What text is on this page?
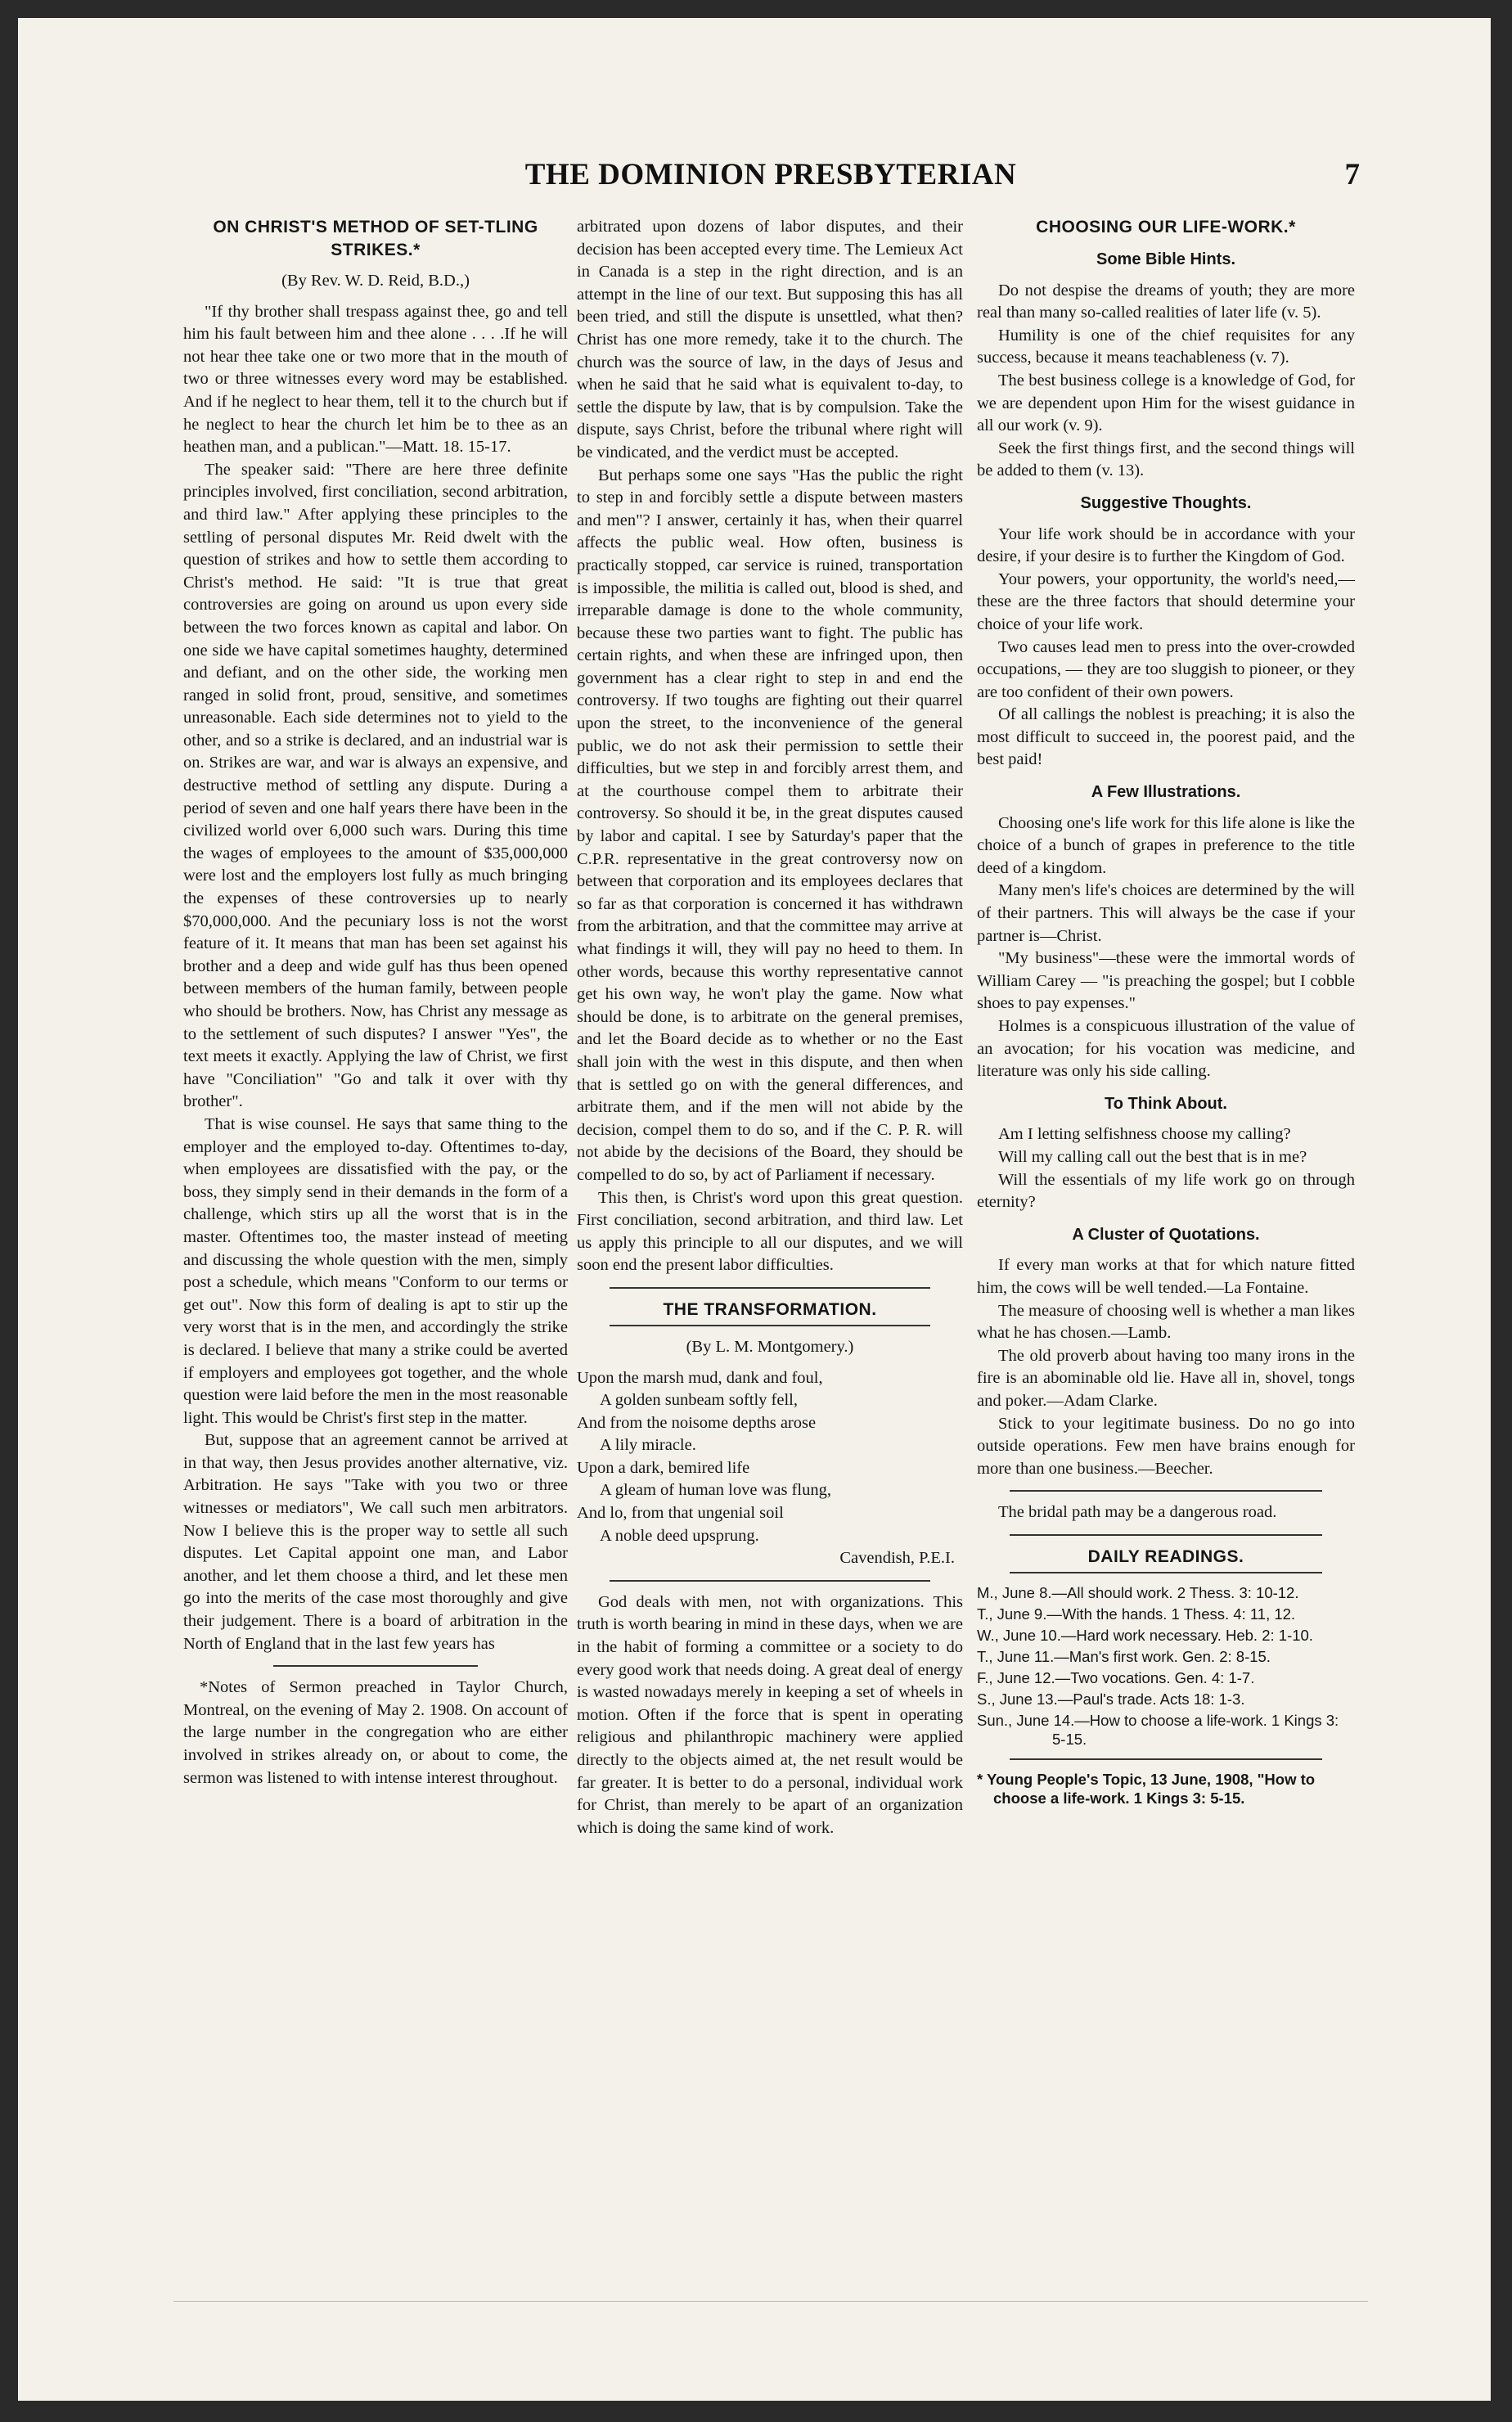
THE DOMINION PRESBYTERIAN	7

ON CHRIST'S METHOD OF SET-TLING STRIKES.*

(By Rev. W. D. Reid, B.D.,)

"If thy brother shall trespass against thee, go and tell him his fault between him and thee alone . . . .If he will not hear thee take one or two more that in the mouth of two or three witnesses every word may be established. And if he neglect to hear them, tell it to the church but if he neglect to hear the church let him be to thee as an heathen man, and a publican."—Matt. 18. 15-17.

The speaker said: "There are here three definite principles involved, first conciliation, second arbitration, and third law." After applying these principles to the settling of personal disputes Mr. Reid dwelt with the question of strikes and how to settle them according to Christ's method. He said: "It is true that great controversies are going on around us upon every side between the two forces known as capital and labor. On one side we have capital sometimes haughty, determined and defiant, and on the other side, the working men ranged in solid front, proud, sensitive, and sometimes unreasonable. Each side determines not to yield to the other, and so a strike is declared, and an industrial war is on. Strikes are war, and war is always an expensive, and destructive method of settling any dispute. During a period of seven and one half years there have been in the civilized world over 6,000 such wars. During this time the wages of employees to the amount of $35,000,000 were lost and the employers lost fully as much bringing the expenses of these controversies up to nearly $70,000,000. And the pecuniary loss is not the worst feature of it. It means that man has been set against his brother and a deep and wide gulf has thus been opened between members of the human family, between people who should be brothers. Now, has Christ any message as to the settlement of such disputes? I answer "Yes", the text meets it exactly. Applying the law of Christ, we first have "Conciliation" "Go and talk it over with thy brother".

That is wise counsel. He says that same thing to the employer and the employed to-day. Oftentimes to-day, when employees are dissatisfied with the pay, or the boss, they simply send in their demands in the form of a challenge, which stirs up all the worst that is in the master. Oftentimes too, the master instead of meeting and discussing the whole question with the men, simply post a schedule, which means "Conform to our terms or get out". Now this form of dealing is apt to stir up the very worst that is in the men, and accordingly the strike is declared. I believe that many a strike could be averted if employers and employees got together, and the whole question were laid before the men in the most reasonable light. This would be Christ's first step in the matter.

But, suppose that an agreement cannot be arrived at in that way, then Jesus provides another alternative, viz. Arbitration. He says "Take with you two or three witnesses or mediators", We call such men arbitrators. Now I believe this is the proper way to settle all such disputes. Let Capital appoint one man, and Labor another, and let them choose a third, and let these men go into the merits of the case most thoroughly and give their judgement. There is a board of arbitration in the North of England that in the last few years has

*Notes of Sermon preached in Taylor Church, Montreal, on the evening of May 2. 1908. On account of the large number in the congregation who are either involved in strikes already on, or about to come, the sermon was listened to with intense interest throughout.

arbitrated upon dozens of labor disputes, and their decision has been accepted every time. The Lemieux Act in Canada is a step in the right direction, and is an attempt in the line of our text. But supposing this has all been tried, and still the dispute is unsettled, what then? Christ has one more remedy, take it to the church. The church was the source of law, in the days of Jesus and when he said that he said what is equivalent to-day, to settle the dispute by law, that is by compulsion. Take the dispute, says Christ, before the tribunal where right will be vindicated, and the verdict must be accepted.

But perhaps some one says "Has the public the right to step in and forcibly settle a dispute between masters and men"? I answer, certainly it has, when their quarrel affects the public weal. How often, business is practically stopped, car service is ruined, transportation is impossible, the militia is called out, blood is shed, and irreparable damage is done to the whole community, because these two parties want to fight. The public has certain rights, and when these are infringed upon, then government has a clear right to step in and end the controversy. If two toughs are fighting out their quarrel upon the street, to the inconvenience of the general public, we do not ask their permission to settle their difficulties, but we step in and forcibly arrest them, and at the courthouse compel them to arbitrate their controversy. So should it be, in the great disputes caused by labor and capital. I see by Saturday's paper that the C.P.R. representative in the great controversy now on between that corporation and its employees declares that so far as that corporation is concerned it has withdrawn from the arbitration, and that the committee may arrive at what findings it will, they will pay no heed to them. In other words, because this worthy representative cannot get his own way, he won't play the game. Now what should be done, is to arbitrate on the general premises, and let the Board decide as to whether or no the East shall join with the west in this dispute, and then when that is settled go on with the general differences, and arbitrate them, and if the men will not abide by the decision, compel them to do so, and if the C. P. R. will not abide by the decisions of the Board, they should be compelled to do so, by act of Parliament if necessary.

This then, is Christ's word upon this great question. First conciliation, second arbitration, and third law. Let us apply this principle to all our disputes, and we will soon end the present labor difficulties.

THE TRANSFORMATION.

(By L. M. Montgomery.)

Upon the marsh mud, dank and foul,

A golden sunbeam softly fell,

And from the noisome depths arose

A lily miracle.

Upon a dark, bemired life

A gleam of human love was flung,

And lo, from that ungenial soil

A noble deed upsprung.

Cavendish, P.E.I.

God deals with men, not with organizations. This truth is worth bearing in mind in these days, when we are in the habit of forming a committee or a society to do every good work that needs doing. A great deal of energy is wasted nowadays merely in keeping a set of wheels in motion. Often if the force that is spent in operating religious and philanthropic machinery were applied directly to the objects aimed at, the net result would be far greater. It is better to do a personal, individual work for Christ, than merely to be apart of an organization which is doing the same kind of work.

CHOOSING OUR LIFE-WORK.*

Some Bible Hints.

Do not despise the dreams of youth; they are more real than many so-called realities of later life (v. 5).

Humility is one of the chief requisites for any success, because it means teachableness (v. 7).

The best business college is a knowledge of God, for we are dependent upon Him for the wisest guidance in all our work (v. 9).

Seek the first things first, and the second things will be added to them (v. 13).

Suggestive Thoughts.

Your life work should be in accordance with your desire, if your desire is to further the Kingdom of God.

Your powers, your opportunity, the world's need,—these are the three factors that should determine your choice of your life work.

Two causes lead men to press into the over-crowded occupations, — they are too sluggish to pioneer, or they are too confident of their own powers.

Of all callings the noblest is preaching; it is also the most difficult to succeed in, the poorest paid, and the best paid!

A Few Illustrations.

Choosing one's life work for this life alone is like the choice of a bunch of grapes in preference to the title deed of a kingdom.

Many men's life's choices are determined by the will of their partners. This will always be the case if your partner is—Christ.

"My business"—these were the immortal words of William Carey — "is preaching the gospel; but I cobble shoes to pay expenses."

Holmes is a conspicuous illustration of the value of an avocation; for his vocation was medicine, and literature was only his side calling.

To Think About.

Am I letting selfishness choose my calling?

Will my calling call out the best that is in me?

Will the essentials of my life work go on through eternity?

A Cluster of Quotations.

If every man works at that for which nature fitted him, the cows will be well tended.—La Fontaine.

The measure of choosing well is whether a man likes what he has chosen.—Lamb.

The old proverb about having too many irons in the fire is an abominable old lie. Have all in, shovel, tongs and poker.—Adam Clarke.

Stick to your legitimate business. Do no go into outside operations. Few men have brains enough for more than one business.—Beecher.

The bridal path may be a dangerous road.

DAILY READINGS.

M., June 8.—All should work. 2 Thess. 3: 10-12.
T., June 9.—With the hands. 1 Thess. 4: 11, 12.
W., June 10.—Hard work necessary. Heb. 2: 1-10.
T., June 11.—Man's first work. Gen. 2: 8-15.
F., June 12.—Two vocations. Gen. 4: 1-7.
S., June 13.—Paul's trade. Acts 18: 1-3.
Sun., June 14.—How to choose a life-work. 1 Kings 3: 5-15.

* Young People's Topic, 13 June, 1908, "How to choose a life-work. 1 Kings 3: 5-15.
